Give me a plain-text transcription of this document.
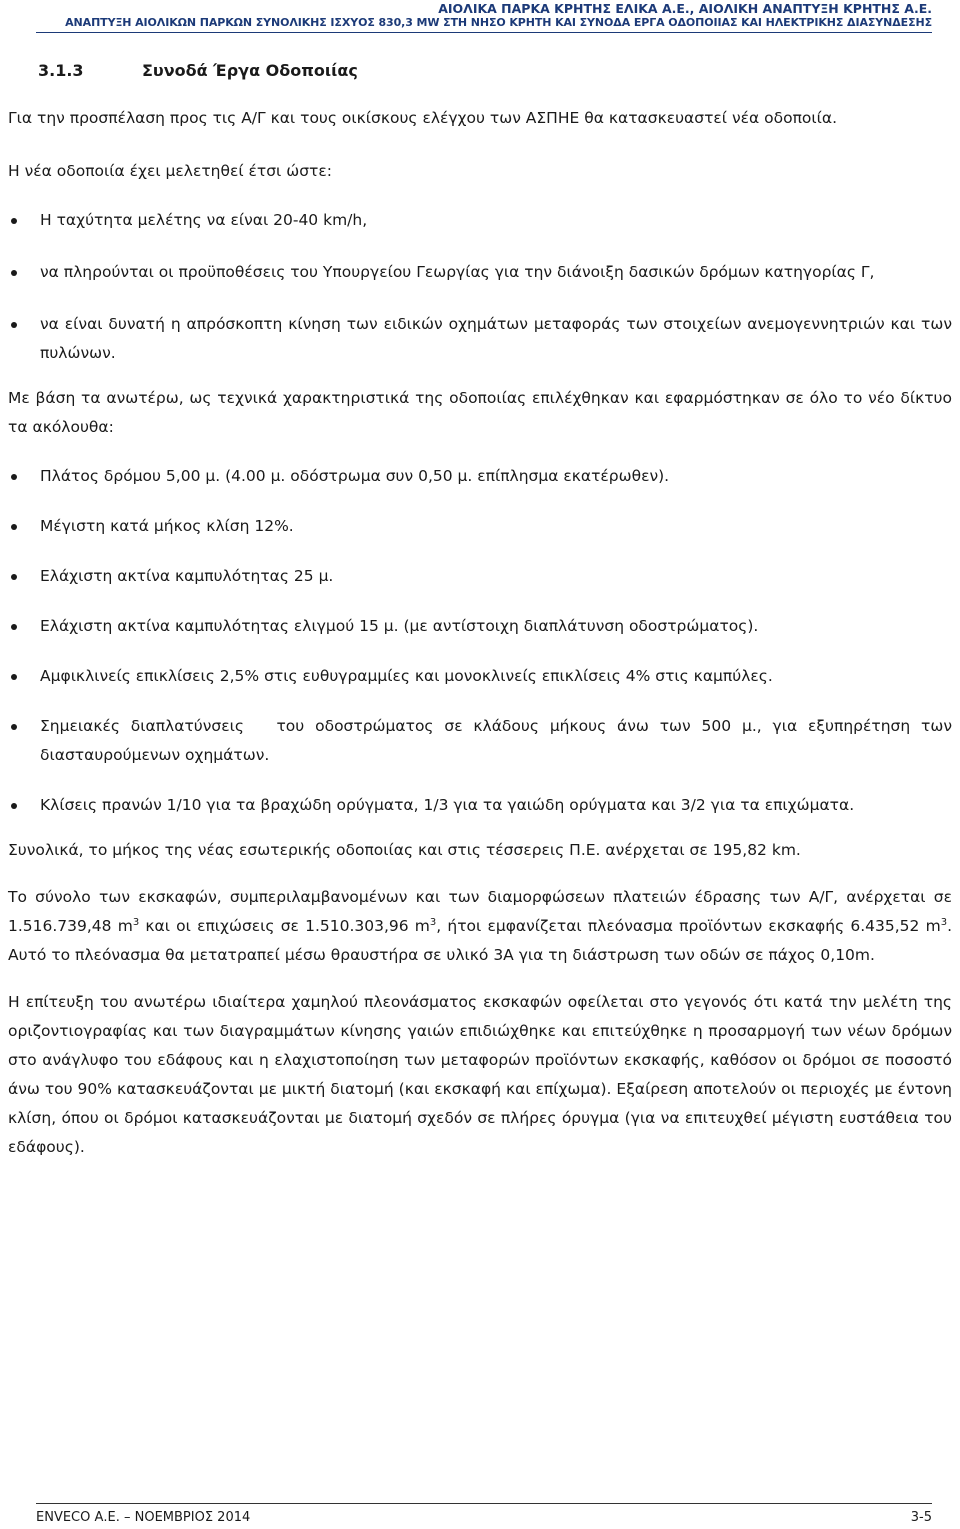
ΑΙΟΛΙΚΑ ΠΑΡΚΑ ΚΡΗΤΗΣ ΕΛΙΚΑ Α.Ε., ΑΙΟΛΙΚΗ ΑΝΑΠΤΥΞΗ ΚΡΗΤΗΣ Α.Ε.
ΑΝΑΠΤΥΞΗ ΑΙΟΛΙΚΩΝ ΠΑΡΚΩΝ ΣΥΝΟΛΙΚΗΣ ΙΣΧΥΟΣ 830,3 MW ΣΤΗ ΝΗΣΟ ΚΡΗΤΗ ΚΑΙ ΣΥΝΟΔΑ ΕΡΓΑ ΟΔΟΠΟΙΙΑΣ ΚΑΙ ΗΛΕΚΤΡΙΚΗΣ ΔΙΑΣΥΝΔΕΣΗΣ
3.1.3	Συνοδά Έργα Οδοποιίας

Για την προσπέλαση προς τις Α/Γ και τους οικίσκους ελέγχου των ΑΣΠΗΕ θα κατασκευαστεί νέα οδοποιία.

Η νέα οδοποιία έχει μελετηθεί έτσι ώστε:

Η ταχύτητα μελέτης να είναι 20-40 km/h,
να πληρούνται οι προϋποθέσεις του Υπουργείου Γεωργίας για την διάνοιξη δασικών δρόμων κατηγορίας Γ,
να είναι δυνατή η απρόσκοπτη κίνηση των ειδικών οχημάτων μεταφοράς των στοιχείων ανεμογεννητριών και των πυλώνων.

Με βάση τα ανωτέρω, ως τεχνικά χαρακτηριστικά της οδοποιίας επιλέχθηκαν και εφαρμόστηκαν σε όλο το νέο δίκτυο τα ακόλουθα:

Πλάτος δρόμου 5,00 μ. (4.00 μ. οδόστρωμα συν 0,50 μ. επίπλησμα εκατέρωθεν).
Μέγιστη κατά μήκος κλίση 12%.
Ελάχιστη ακτίνα καμπυλότητας 25 μ.
Ελάχιστη ακτίνα καμπυλότητας ελιγμού 15 μ. (με αντίστοιχη διαπλάτυνση οδοστρώματος).
Αμφικλινείς επικλίσεις 2,5% στις ευθυγραμμίες και μονοκλινείς επικλίσεις 4% στις καμπύλες.
Σημειακές διαπλατύνσεις   του οδοστρώματος σε κλάδους μήκους άνω των 500 μ., για εξυπηρέτηση των διασταυρούμενων οχημάτων.
Κλίσεις πρανών 1/10 για τα βραχώδη ορύγματα, 1/3 για τα γαιώδη ορύγματα και 3/2 για τα επιχώματα.

Συνολικά, το μήκος της νέας εσωτερικής οδοποιίας και στις τέσσερεις Π.Ε. ανέρχεται σε 195,82 km.

Το σύνολο των εκσκαφών, συμπεριλαμβανομένων και των διαμορφώσεων πλατειών έδρασης των Α/Γ, ανέρχεται σε 1.516.739,48 $m^3$ και οι επιχώσεις σε 1.510.303,96 $m^3$, ήτοι εμφανίζεται πλεόνασμα προϊόντων εκσκαφής 6.435,52 $m^3$. Αυτό το πλεόνασμα θα μετατραπεί μέσω θραυστήρα σε υλικό 3Α για τη διάστρωση των οδών σε πάχος 0,10m.

Η επίτευξη του ανωτέρω ιδιαίτερα χαμηλού πλεονάσματος εκσκαφών οφείλεται στο γεγονός ότι κατά την μελέτη της οριζοντιογραφίας και των διαγραμμάτων κίνησης γαιών επιδιώχθηκε και επιτεύχθηκε η προσαρμογή των νέων δρόμων στο ανάγλυφο του εδάφους και η ελαχιστοποίηση των μεταφορών προϊόντων εκσκαφής, καθόσον οι δρόμοι σε ποσοστό άνω του 90% κατασκευάζονται με μικτή διατομή (και εκσκαφή και επίχωμα). Εξαίρεση αποτελούν οι περιοχές με έντονη κλίση, όπου οι δρόμοι κατασκευάζονται με διατομή σχεδόν σε πλήρες όρυγμα (για να επιτευχθεί μέγιστη ευστάθεια του εδάφους).

ENVECO Α.Ε. – ΝΟΕΜΒΡΙΟΣ 2014	3-5
